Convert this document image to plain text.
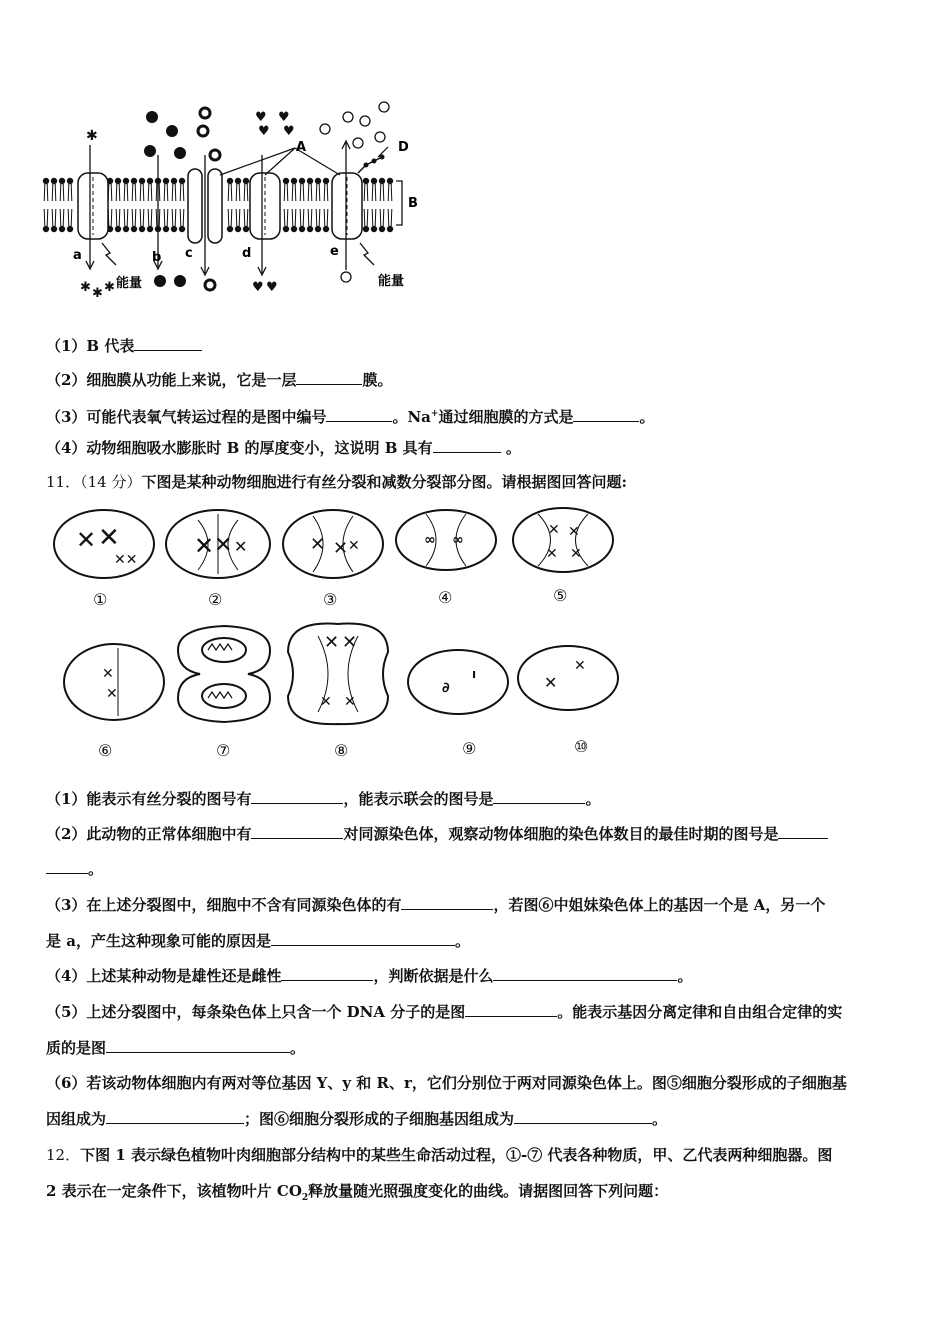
✱
♥ ♥
♥ ♥
✱ ✱ ✱	♥ ♥
A
B
D
a	b c	d	e
能量	能量
（1）B 代表
（2）细胞膜从功能上来说，它是一层	膜。
（3）可能代表氧气转运过程的是图中编号	。Na+通过细胞膜的方式是	。
（4）动物细胞吸水膨胀时 B 的厚度变小，这说明 B 具有	。
11．（14 分）下图是某种动物细胞进行有丝分裂和减数分裂部分图。请根据图回答问题:
✕ ✕
✕✕ ✕ ✕ ✕	✕ ✕ ✕	∞ ∞
✕ ✕
✕ ✕
✕
✕
✕ ✕
✕ ✕
∂
ı	✕
✕
①	②	③	④	⑤
⑥	⑦	⑧	⑨	⑩
（1）能表示有丝分裂的图号有	，能表示联会的图号是	。
（2）此动物的正常体细胞中有	对同源染色体，观察动物体细胞的染色体数目的最佳时期的图号是
。
（3）在上述分裂图中，细胞中不含有同源染色体的有	，若图⑥中姐妹染色体上的基因一个是 A，另一个
是 a，产生这种现象可能的原因是	。
（4）上述某种动物是雄性还是雌性	，判断依据是什么	。
（5）上述分裂图中，每条染色体上只含一个 DNA 分子的是图	。能表示基因分离定律和自由组合定律的实
质的是图	。
（6）若该动物体细胞内有两对等位基因 Y、y 和 R、r，它们分别位于两对同源染色体上。图⑤细胞分裂形成的子细胞基
因组成为	；图⑥细胞分裂形成的子细胞基因组成为	。
12．下图 1 表示绿色植物叶肉细胞部分结构中的某些生命活动过程，①-⑦ 代表各种物质，甲、乙代表两种细胞器。图
2 表示在一定条件下，该植物叶片 $CO_2$释放量随光照强度变化的曲线。请据图回答下列问题：
